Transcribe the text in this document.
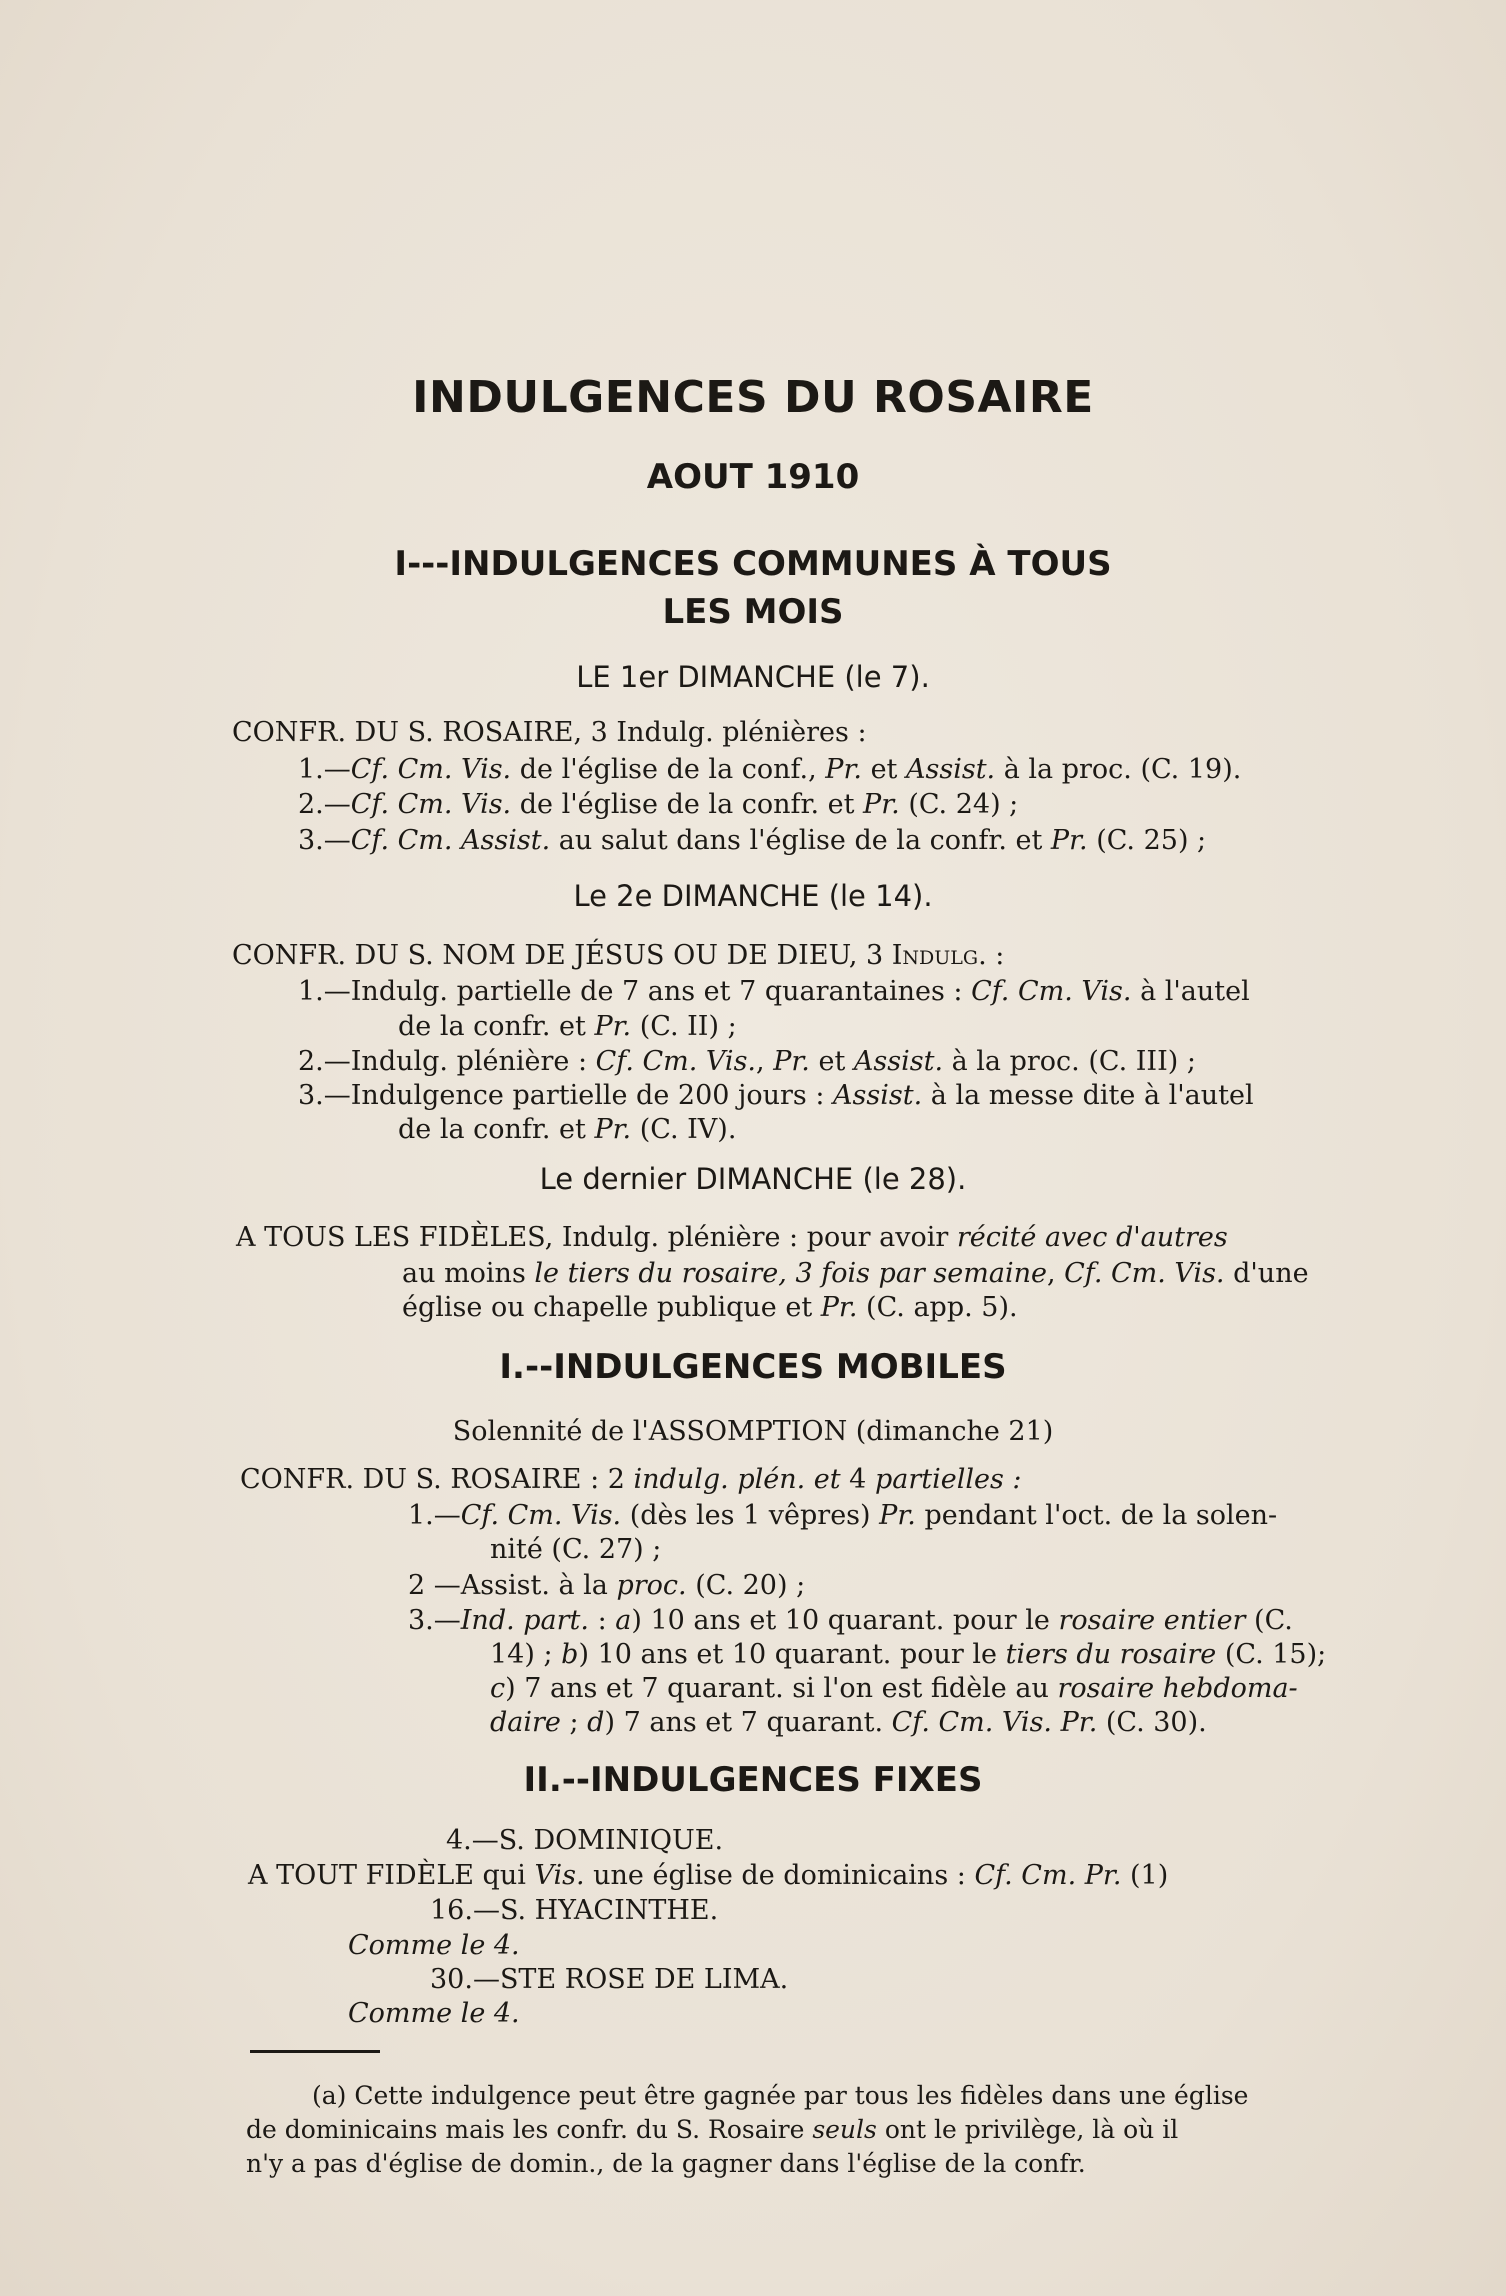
INDULGENCES DU ROSAIRE
AOUT 1910
I---INDULGENCES COMMUNES À TOUS
LES MOIS
LE 1er DIMANCHE (le 7).
CONFR. DU S. ROSAIRE, 3 Indulg. plénières :
1.—Cf. Cm. Vis. de l'église de la conf., Pr. et Assist. à la proc. (C. 19).
2.—Cf. Cm. Vis. de l'église de la confr. et Pr. (C. 24) ;
3.—Cf. Cm. Assist. au salut dans l'église de la confr. et Pr. (C. 25) ;
Le 2e DIMANCHE (le 14).
CONFR. DU S. NOM DE JÉSUS OU DE DIEU, 3 Indulg. :
1.—Indulg. partielle de 7 ans et 7 quarantaines : Cf. Cm. Vis. à l'autel
de la confr. et Pr. (C. II) ;
2.—Indulg. plénière : Cf. Cm. Vis., Pr. et Assist. à la proc. (C. III) ;
3.—Indulgence partielle de 200 jours : Assist. à la messe dite à l'autel
de la confr. et Pr. (C. IV).
Le dernier DIMANCHE (le 28).
A TOUS LES FIDÈLES, Indulg. plénière : pour avoir récité avec d'autres
au moins le tiers du rosaire, 3 fois par semaine, Cf. Cm. Vis. d'une
église ou chapelle publique et Pr. (C. app. 5).
I.--INDULGENCES MOBILES
Solennité de l'ASSOMPTION (dimanche 21)
CONFR. DU S. ROSAIRE : 2 indulg. plén. et 4 partielles :
1.—Cf. Cm. Vis. (dès les 1 vêpres) Pr. pendant l'oct. de la solen-
nité (C. 27) ;
2 —Assist. à la proc. (C. 20) ;
3.—Ind. part. : a) 10 ans et 10 quarant. pour le rosaire entier (C.
14) ; b) 10 ans et 10 quarant. pour le tiers du rosaire (C. 15);
c) 7 ans et 7 quarant. si l'on est fidèle au rosaire hebdoma-
daire ; d) 7 ans et 7 quarant. Cf. Cm. Vis. Pr. (C. 30).
II.--INDULGENCES FIXES
4.—S. DOMINIQUE.
A TOUT FIDÈLE qui Vis. une église de dominicains : Cf. Cm. Pr. (1)
16.—S. HYACINTHE.
Comme le 4.
30.—STE ROSE DE LIMA.
Comme le 4.
(a) Cette indulgence peut être gagnée par tous les fidèles dans une église
de dominicains mais les confr. du S. Rosaire seuls ont le privilège, là où il
n'y a pas d'église de domin., de la gagner dans l'église de la confr.
